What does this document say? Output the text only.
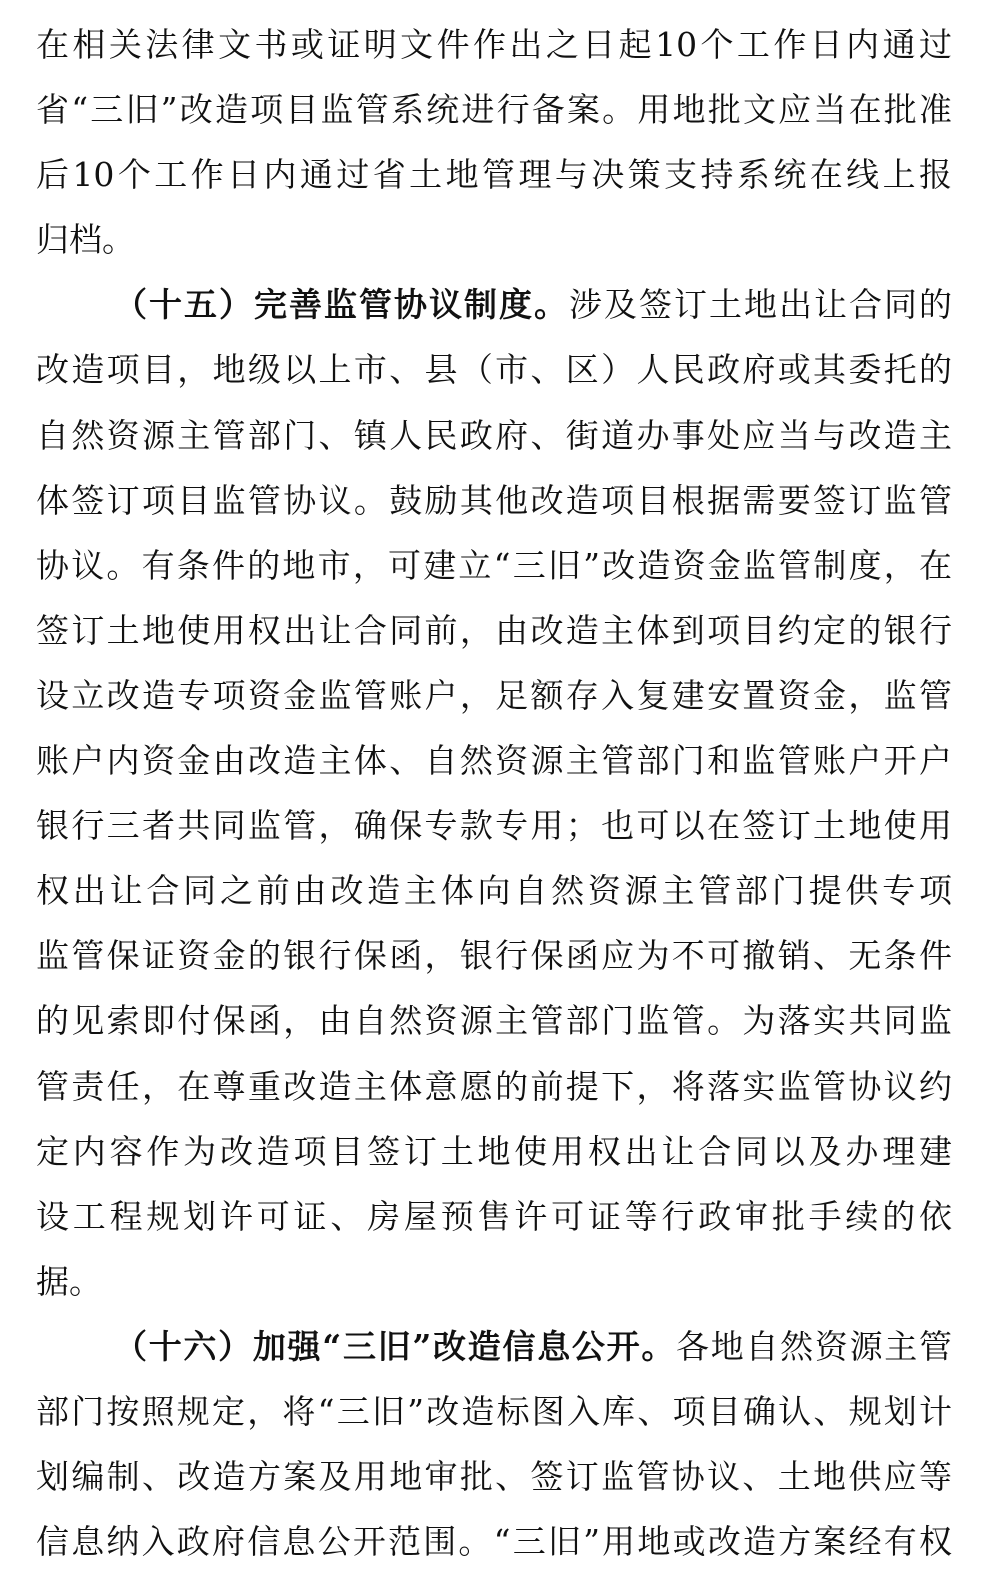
在相关法律文书或证明文件作出之日起10个工作日内通过
省“三旧”改造项目监管系统进行备案。用地批文应当在批准
后10个工作日内通过省土地管理与决策支持系统在线上报
归档。
（十五）完善监管协议制度。涉及签订土地出让合同的
改造项目，地级以上市、县（市、区）人民政府或其委托的
自然资源主管部门、镇人民政府、街道办事处应当与改造主
体签订项目监管协议。鼓励其他改造项目根据需要签订监管
协议。有条件的地市，可建立“三旧”改造资金监管制度，在
签订土地使用权出让合同前，由改造主体到项目约定的银行
设立改造专项资金监管账户，足额存入复建安置资金，监管
账户内资金由改造主体、自然资源主管部门和监管账户开户
银行三者共同监管，确保专款专用；也可以在签订土地使用
权出让合同之前由改造主体向自然资源主管部门提供专项
监管保证资金的银行保函，银行保函应为不可撤销、无条件
的见索即付保函，由自然资源主管部门监管。为落实共同监
管责任，在尊重改造主体意愿的前提下，将落实监管协议约
定内容作为改造项目签订土地使用权出让合同以及办理建
设工程规划许可证、房屋预售许可证等行政审批手续的依
据。
（十六）加强“三旧”改造信息公开。各地自然资源主管
部门按照规定，将“三旧”改造标图入库、项目确认、规划计
划编制、改造方案及用地审批、签订监管协议、土地供应等
信息纳入政府信息公开范围。“三旧”用地或改造方案经有权
